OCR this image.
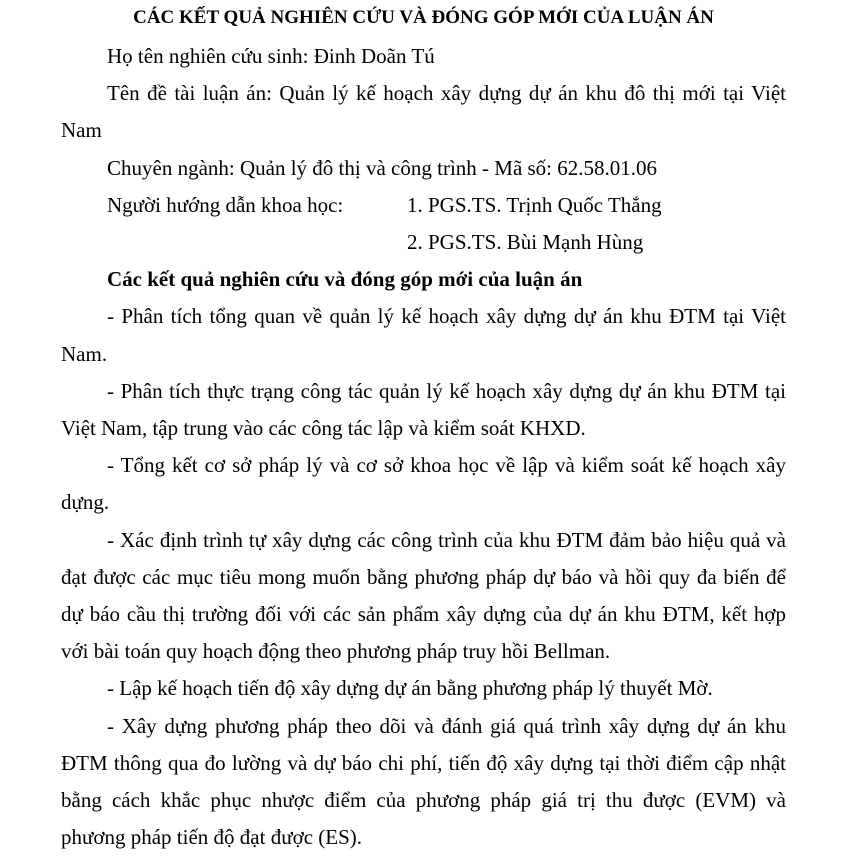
CÁC KẾT QUẢ NGHIÊN CỨU VÀ ĐÓNG GÓP MỚI CỦA LUẬN ÁN

Họ tên nghiên cứu sinh: Đinh Doãn Tú

Tên đề tài luận án: Quản lý kế hoạch xây dựng dự án khu đô thị mới tại Việt Nam

Chuyên ngành: Quản lý đô thị và công trình - Mã số: 62.58.01.06

Người hướng dẫn khoa học:	1. PGS.TS. Trịnh Quốc Thắng
2. PGS.TS. Bùi Mạnh Hùng

Các kết quả nghiên cứu và đóng góp mới của luận án

- Phân tích tổng quan về quản lý kế hoạch xây dựng dự án khu ĐTM tại Việt Nam.

- Phân tích thực trạng công tác quản lý kế hoạch xây dựng dự án khu ĐTM tại Việt Nam, tập trung vào các công tác lập và kiểm soát KHXD.

- Tổng kết cơ sở pháp lý và cơ sở khoa học về lập và kiểm soát kế hoạch xây dựng.

- Xác định trình tự xây dựng các công trình của khu ĐTM đảm bảo hiệu quả và đạt được các mục tiêu mong muốn bằng phương pháp dự báo và hồi quy đa biến để dự báo cầu thị trường đối với các sản phẩm xây dựng của dự án khu ĐTM, kết hợp với bài toán quy hoạch động theo phương pháp truy hồi Bellman.

- Lập kế hoạch tiến độ xây dựng dự án bằng phương pháp lý thuyết Mờ.

- Xây dựng phương pháp theo dõi và đánh giá quá trình xây dựng dự án khu ĐTM thông qua đo lường và dự báo chi phí, tiến độ xây dựng tại thời điểm cập nhật bằng cách khắc phục nhược điểm của phương pháp giá trị thu được (EVM) và phương pháp tiến độ đạt được (ES).
